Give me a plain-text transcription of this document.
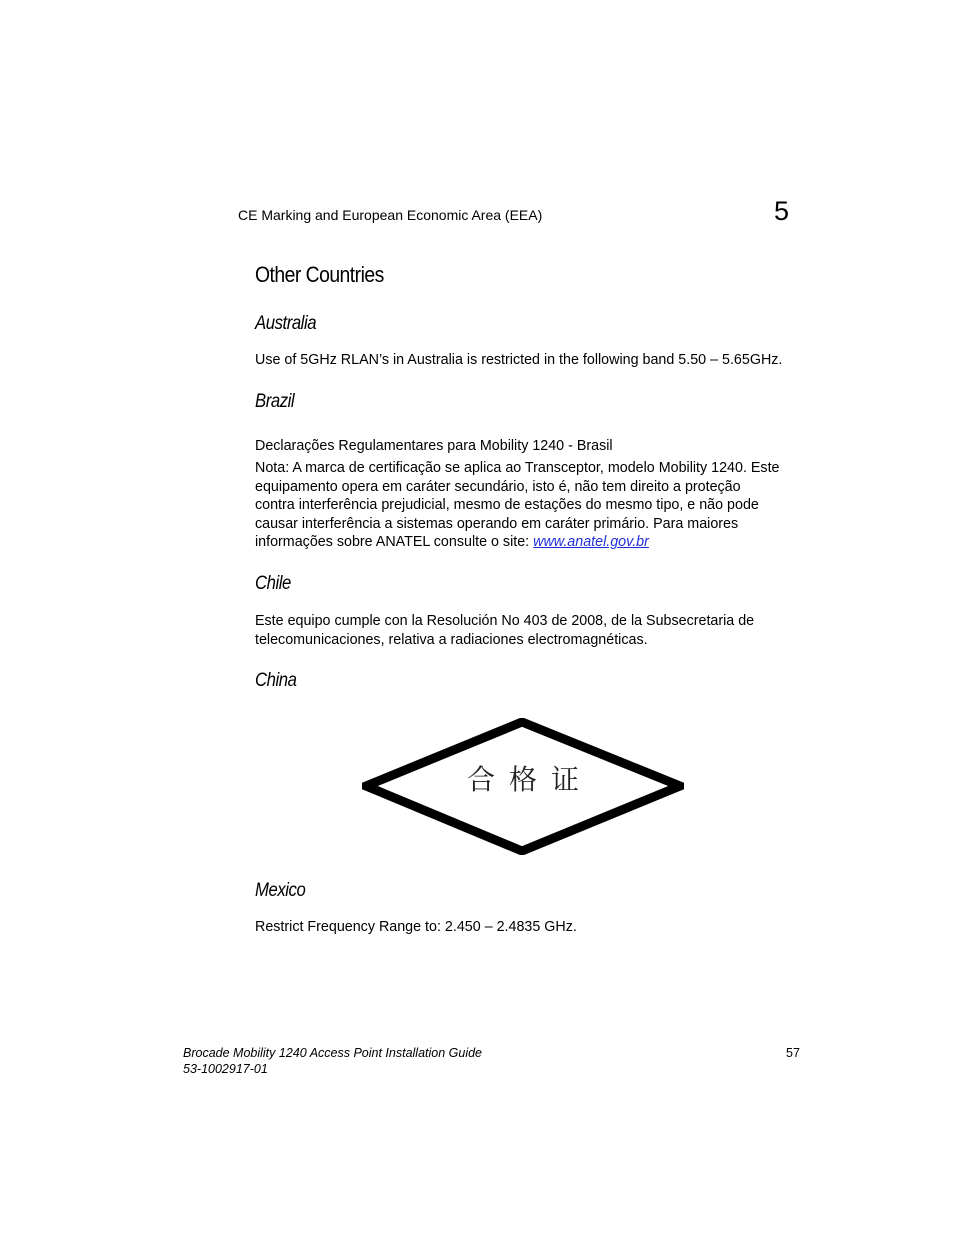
CE Marking and European Economic Area (EEA)	5
Other Countries
Australia
Use of 5GHz RLAN’s in Australia is restricted in the following band 5.50 – 5.65GHz.
Brazil
Declarações Regulamentares para Mobility 1240 - Brasil
Nota: A marca de certificação se aplica ao Transceptor, modelo Mobility 1240. Este
equipamento opera em caráter secundário, isto é, não tem direito a proteção
contra interferência prejudicial, mesmo de estações do mesmo tipo, e não pode
causar interferência a sistemas operando em caráter primário. Para maiores
informações sobre ANATEL consulte o site: www.anatel.gov.br
Chile
Este equipo cumple con la Resolución No 403 de 2008, de la Subsecretaria de
telecomunicaciones, relativa a radiaciones electromagnéticas.
China
合格证
Mexico
Restrict Frequency Range to: 2.450 – 2.4835 GHz.
Brocade Mobility 1240 Access Point Installation Guide
53-1002917-01
57
